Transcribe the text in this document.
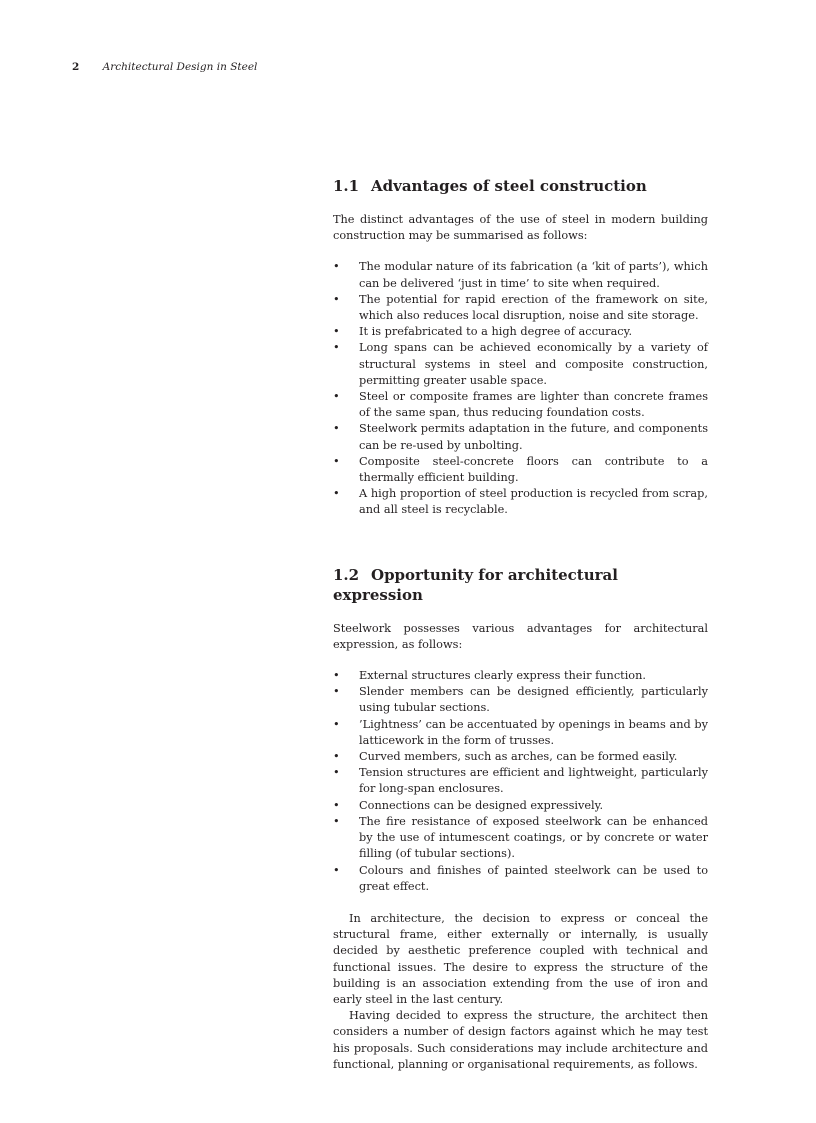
2 Architectural Design in Steel
1.1 Advantages of steel construction

The distinct advantages of the use of steel in modern building construction may be summarised as follows:

• The modular nature of its fabrication (a ‘kit of parts’), which can be delivered ‘just in time’ to site when required.
• The potential for rapid erection of the framework on site, which also reduces local disruption, noise and site storage.
• It is prefabricated to a high degree of accuracy.
• Long spans can be achieved economically by a variety of structural systems in steel and composite construction, permitting greater usable space.
• Steel or composite frames are lighter than concrete frames of the same span, thus reducing foundation costs.
• Steelwork permits adaptation in the future, and components can be re-used by unbolting.
• Composite steel-concrete floors can contribute to a thermally efficient building.
• A high proportion of steel production is recycled from scrap, and all steel is recyclable.
1.2 Opportunity for architectural expression

Steelwork possesses various advantages for architectural expression, as follows:

• External structures clearly express their function.
• Slender members can be designed efficiently, particularly using tubular sections.
• ’Lightness’ can be accentuated by openings in beams and by latticework in the form of trusses.
• Curved members, such as arches, can be formed easily.
• Tension structures are efficient and lightweight, particularly for long-span enclosures.
• Connections can be designed expressively.
• The fire resistance of exposed steelwork can be enhanced by the use of intumescent coatings, or by concrete or water filling (of tubular sections).
• Colours and finishes of painted steelwork can be used to great effect.

In architecture, the decision to express or conceal the structural frame, either externally or internally, is usually decided by aesthetic preference coupled with technical and functional issues. The desire to express the structure of the building is an association extending from the use of iron and early steel in the last century.

Having decided to express the structure, the architect then considers a number of design factors against which he may test his proposals. Such considerations may include architecture and functional, planning or organisational requirements, as follows.
